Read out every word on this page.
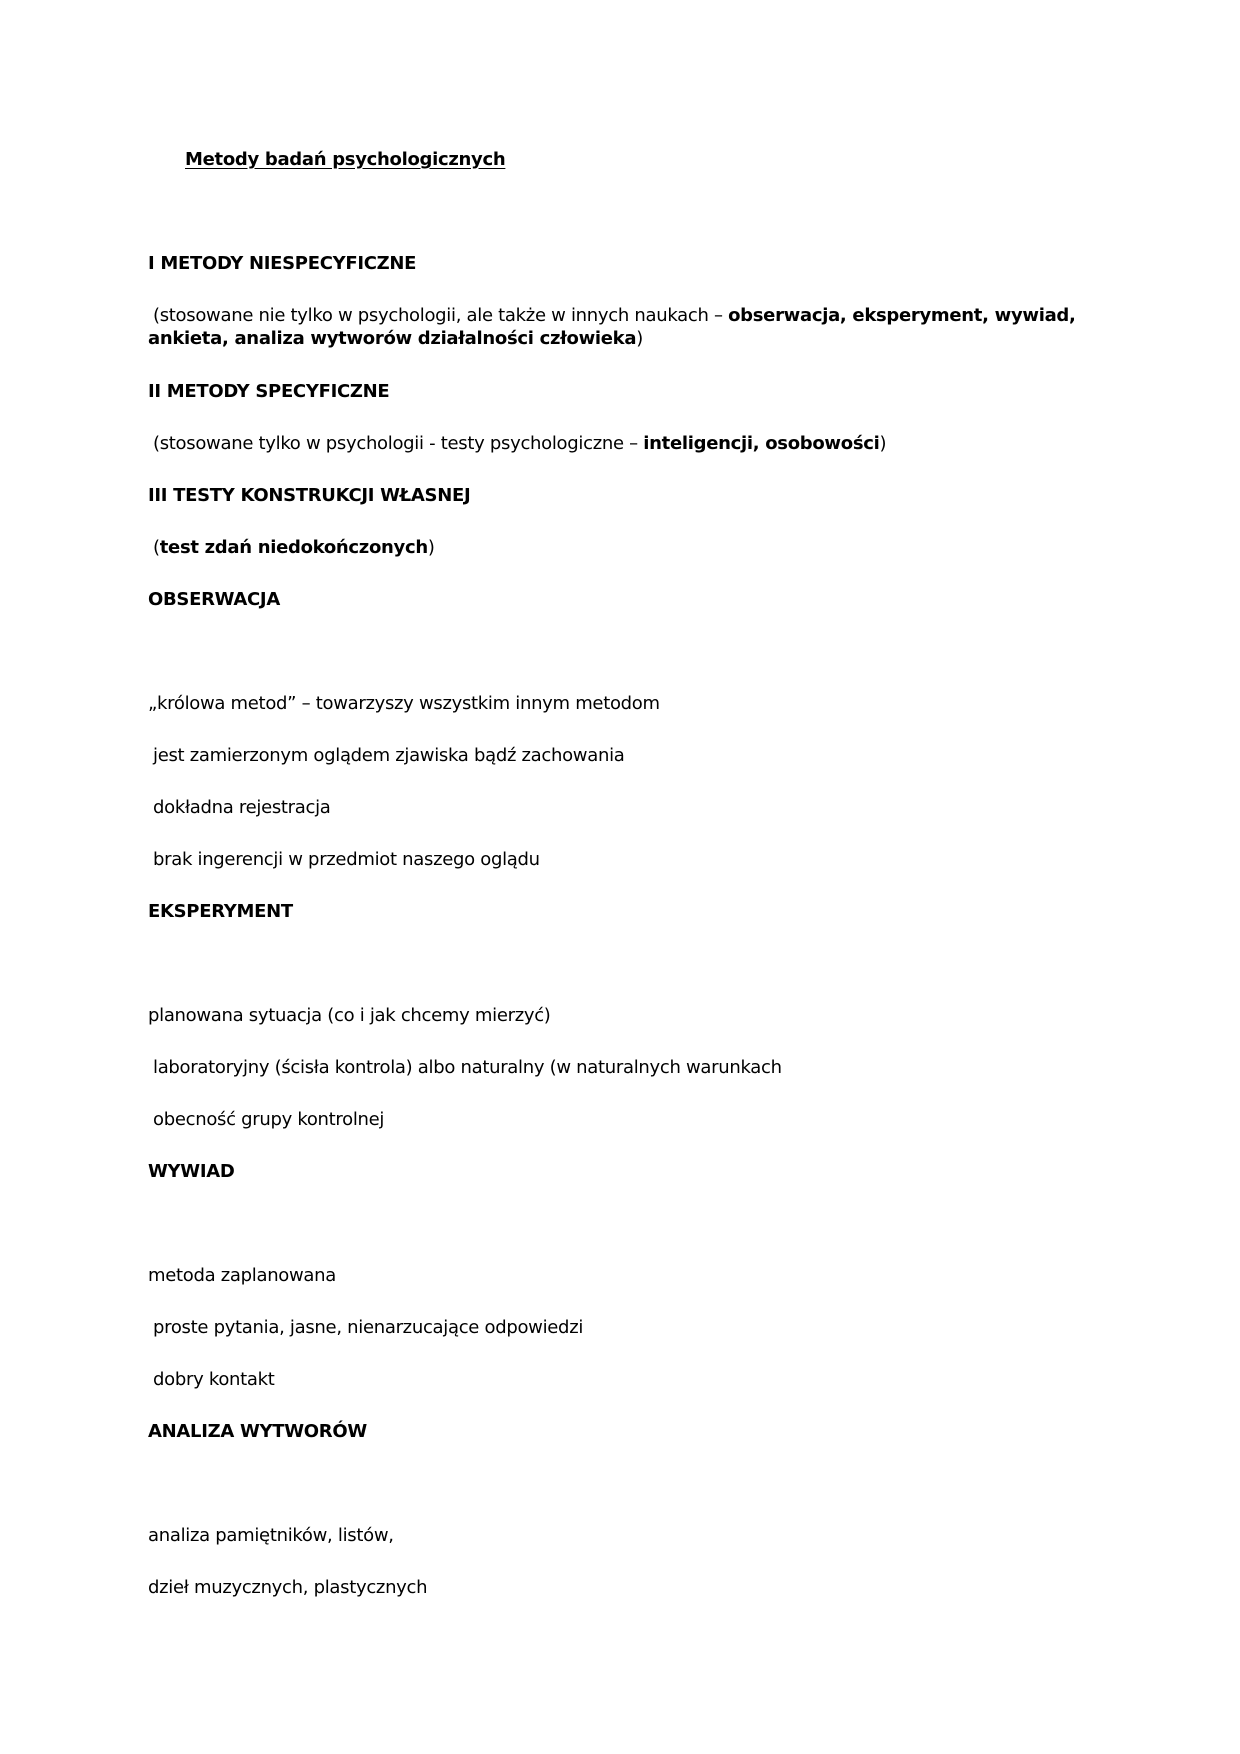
Metody badań psychologicznych
I METODY NIESPECYFICZNE
(stosowane nie tylko w psychologii, ale także w innych naukach – obserwacja, eksperyment, wywiad,
ankieta, analiza wytworów działalności człowieka)
II METODY SPECYFICZNE
(stosowane tylko w psychologii - testy psychologiczne – inteligencji, osobowości)
III TESTY KONSTRUKCJI WŁASNEJ
(test zdań niedokończonych)
OBSERWACJA
„królowa metod” – towarzyszy wszystkim innym metodom
jest zamierzonym oglądem zjawiska bądź zachowania
dokładna rejestracja
brak ingerencji w przedmiot naszego oglądu
EKSPERYMENT
planowana sytuacja (co i jak chcemy mierzyć)
laboratoryjny (ścisła kontrola) albo naturalny (w naturalnych warunkach
obecność grupy kontrolnej
WYWIAD
metoda zaplanowana
proste pytania, jasne, nienarzucające odpowiedzi
dobry kontakt
ANALIZA WYTWORÓW
analiza pamiętników, listów,
dzieł muzycznych, plastycznych
